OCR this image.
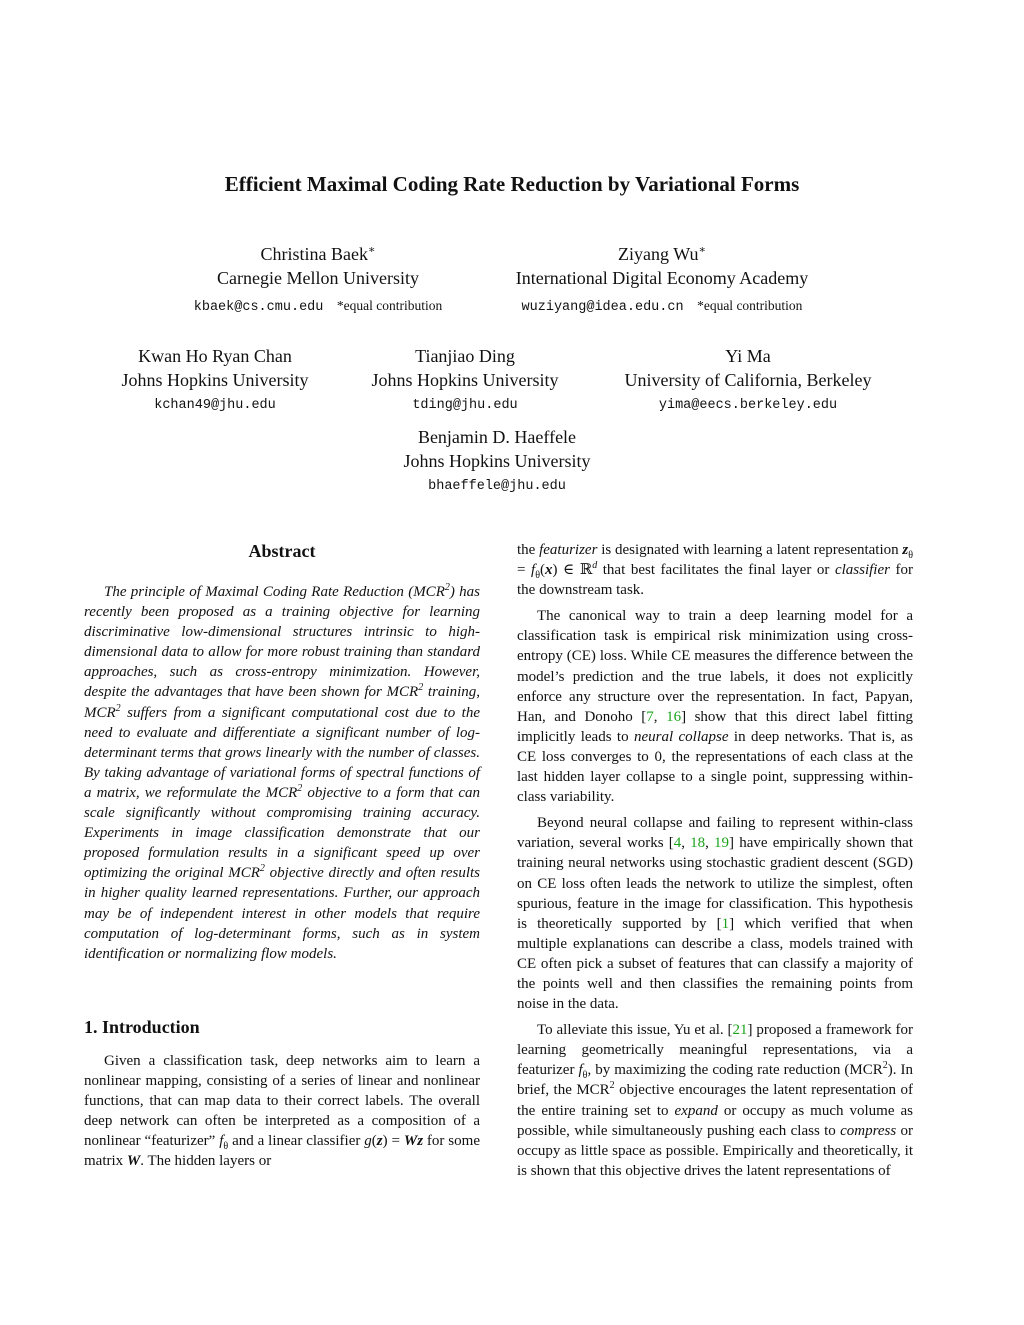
Efficient Maximal Coding Rate Reduction by Variational Forms
Christina Baek∗
Carnegie Mellon University
kbaek@cs.cmu.edu *equal contribution
Ziyang Wu∗
International Digital Economy Academy
wuziyang@idea.edu.cn *equal contribution
Kwan Ho Ryan Chan
Johns Hopkins University
kchan49@jhu.edu
Tianjiao Ding
Johns Hopkins University
tding@jhu.edu
Yi Ma
University of California, Berkeley
yima@eecs.berkeley.edu
Benjamin D. Haeffele
Johns Hopkins University
bhaeffele@jhu.edu
Abstract

The principle of Maximal Coding Rate Reduction (MCR$^2$) has recently been proposed as a training objective for learning discriminative low-dimensional structures intrinsic to high-dimensional data to allow for more robust training than standard approaches, such as cross-entropy minimization. However, despite the advantages that have been shown for MCR$^2$ training, MCR$^2$ suffers from a significant computational cost due to the need to evaluate and differentiate a significant number of log-determinant terms that grows linearly with the number of classes. By taking advantage of variational forms of spectral functions of a matrix, we reformulate the MCR$^2$ objective to a form that can scale significantly without compromising training accuracy. Experiments in image classification demonstrate that our proposed formulation results in a significant speed up over optimizing the original MCR$^2$ objective directly and often results in higher quality learned representations. Further, our approach may be of independent interest in other models that require computation of log-determinant forms, such as in system identification or normalizing flow models.

1. Introduction

Given a classification task, deep networks aim to learn a nonlinear mapping, consisting of a series of linear and nonlinear functions, that can map data to their correct labels. The overall deep network can often be interpreted as a composition of a nonlinear “featurizer” $f_\theta$ and a linear classifier g(z) = Wz for some matrix W. The hidden layers or

the featurizer is designated with learning a latent representation $z_\theta = f_\theta(x)$ ∈ ℝ$^d$ that best facilitates the final layer or classifier for the downstream task.

The canonical way to train a deep learning model for a classification task is empirical risk minimization using cross-entropy (CE) loss. While CE measures the difference between the model’s prediction and the true labels, it does not explicitly enforce any structure over the representation. In fact, Papyan, Han, and Donoho [7, 16] show that this direct label fitting implicitly leads to neural collapse in deep networks. That is, as CE loss converges to 0, the representations of each class at the last hidden layer collapse to a single point, suppressing within-class variability.

Beyond neural collapse and failing to represent within-class variation, several works [4, 18, 19] have empirically shown that training neural networks using stochastic gradient descent (SGD) on CE loss often leads the network to utilize the simplest, often spurious, feature in the image for classification. This hypothesis is theoretically supported by [1] which verified that when multiple explanations can describe a class, models trained with CE often pick a subset of features that can classify a majority of the points well and then classifies the remaining points from noise in the data.

To alleviate this issue, Yu et al. [21] proposed a framework for learning geometrically meaningful representations, via a featurizer $f_\theta$, by maximizing the coding rate reduction (MCR$^2$). In brief, the MCR$^2$ objective encourages the latent representation of the entire training set to expand or occupy as much volume as possible, while simultaneously pushing each class to compress or occupy as little space as possible. Empirically and theoretically, it is shown that this objective drives the latent representations of
